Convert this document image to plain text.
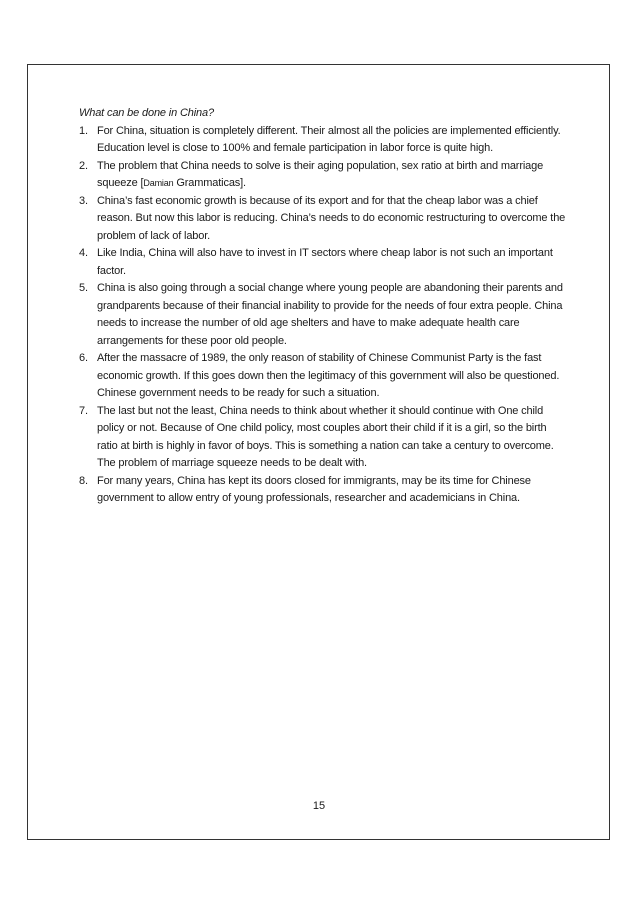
What can be done in China?
1. For China, situation is completely different. Their almost all the policies are implemented efficiently. Education level is close to 100% and female participation in labor force is quite high.
2. The problem that China needs to solve is their aging population, sex ratio at birth and marriage squeeze [Damian Grammaticas].
3. China’s fast economic growth is because of its export and for that the cheap labor was a chief reason. But now this labor is reducing. China’s needs to do economic restructuring to overcome the problem of lack of labor.
4. Like India, China will also have to invest in IT sectors where cheap labor is not such an important factor.
5. China is also going through a social change where young people are abandoning their parents and grandparents because of their financial inability to provide for the needs of four extra people. China needs to increase the number of old age shelters and have to make adequate health care arrangements for these poor old people.
6. After the massacre of 1989, the only reason of stability of Chinese Communist Party is the fast economic growth. If this goes down then the legitimacy of this government will also be questioned. Chinese government needs to be ready for such a situation.
7. The last but not the least, China needs to think about whether it should continue with One child policy or not. Because of One child policy, most couples abort their child if it is a girl, so the birth ratio at birth is highly in favor of boys. This is something a nation can take a century to overcome. The problem of marriage squeeze needs to be dealt with.
8. For many years, China has kept its doors closed for immigrants, may be its time for Chinese government to allow entry of young professionals, researcher and academicians in China.
15
